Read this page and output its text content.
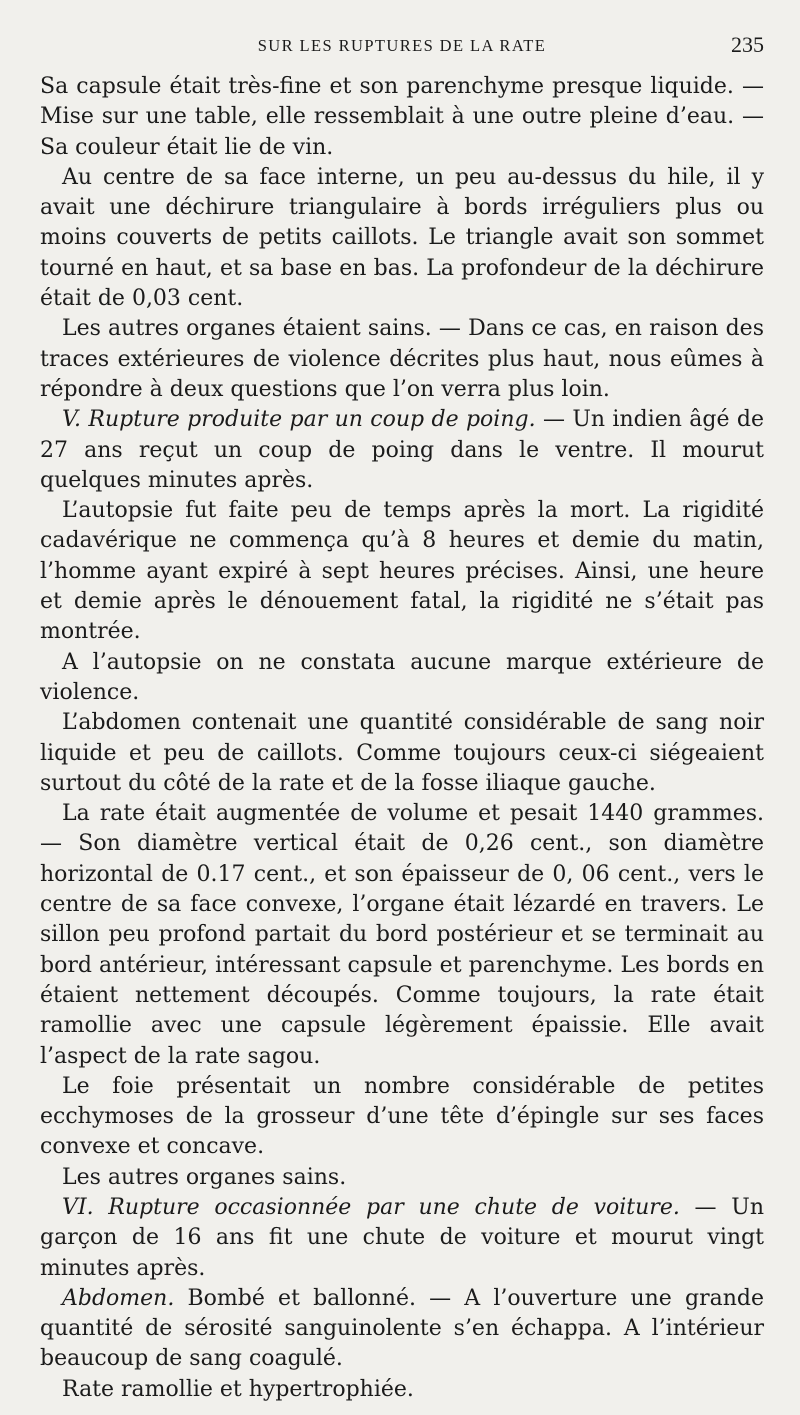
SUR LES RUPTURES DE LA RATE	235

Sa capsule était très-fine et son parenchyme presque liquide. — Mise sur une table, elle ressemblait à une outre pleine d’eau. — Sa couleur était lie de vin.

Au centre de sa face interne, un peu au-dessus du hile, il y avait une déchirure triangulaire à bords irréguliers plus ou moins couverts de petits caillots. Le triangle avait son sommet tourné en haut, et sa base en bas. La profondeur de la déchirure était de 0,03 cent.

Les autres organes étaient sains. — Dans ce cas, en raison des traces extérieures de violence décrites plus haut, nous eûmes à répondre à deux questions que l’on verra plus loin.

V. Rupture produite par un coup de poing. — Un indien âgé de 27 ans reçut un coup de poing dans le ventre. Il mourut quelques minutes après.

L’autopsie fut faite peu de temps après la mort. La rigidité cadavérique ne commença qu’à 8 heures et demie du matin, l’homme ayant expiré à sept heures précises. Ainsi, une heure et demie après le dénouement fatal, la rigidité ne s’était pas montrée.

A l’autopsie on ne constata aucune marque extérieure de violence.

L’abdomen contenait une quantité considérable de sang noir liquide et peu de caillots. Comme toujours ceux-ci siégeaient surtout du côté de la rate et de la fosse iliaque gauche.

La rate était augmentée de volume et pesait 1440 grammes. — Son diamètre vertical était de 0,26 cent., son diamètre horizontal de 0.17 cent., et son épaisseur de 0, 06 cent., vers le centre de sa face convexe, l’organe était lézardé en travers. Le sillon peu profond partait du bord postérieur et se terminait au bord antérieur, intéressant capsule et parenchyme. Les bords en étaient nettement découpés. Comme toujours, la rate était ramollie avec une capsule légèrement épaissie. Elle avait l’aspect de la rate sagou.

Le foie présentait un nombre considérable de petites ecchymoses de la grosseur d’une tête d’épingle sur ses faces convexe et concave.

Les autres organes sains.

VI. Rupture occasionnée par une chute de voiture. — Un garçon de 16 ans fit une chute de voiture et mourut vingt minutes après.

Abdomen. Bombé et ballonné. — A l’ouverture une grande quantité de sérosité sanguinolente s’en échappa. A l’intérieur beaucoup de sang coagulé.

Rate ramollie et hypertrophiée.
